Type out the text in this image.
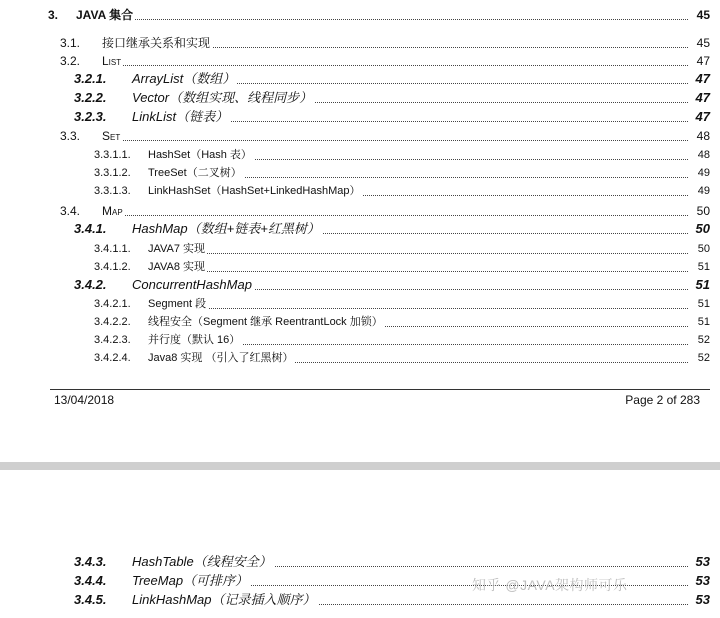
3. JAVA 集合	45
3.1. 接口继承关系和实现	45
3.2. List	47
3.2.1. ArrayList（数组）	47
3.2.2. Vector（数组实现、线程同步）	47
3.2.3. LinkList（链表）	47
3.3. Set	48
3.3.1.1. HashSet（Hash 表）	48
3.3.1.2. TreeSet（二叉树）	49
3.3.1.3. LinkHashSet（HashSet+LinkedHashMap）	49
3.4. Map	50
3.4.1. HashMap（数组+链表+红黑树）	50
3.4.1.1. JAVA7 实现	50
3.4.1.2. JAVA8 实现	51
3.4.2. ConcurrentHashMap	51
3.4.2.1. Segment 段	51
3.4.2.2. 线程安全（Segment 继承 ReentrantLock 加锁）	51
3.4.2.3. 并行度（默认 16）	52
3.4.2.4. Java8 实现 （引入了红黑树）	52
13/04/2018	Page 2 of 283
3.4.3. HashTable（线程安全）	53
3.4.4. TreeMap（可排序）	53
3.4.5. LinkHashMap（记录插入顺序）	53
知乎 @JAVA架构师可乐
